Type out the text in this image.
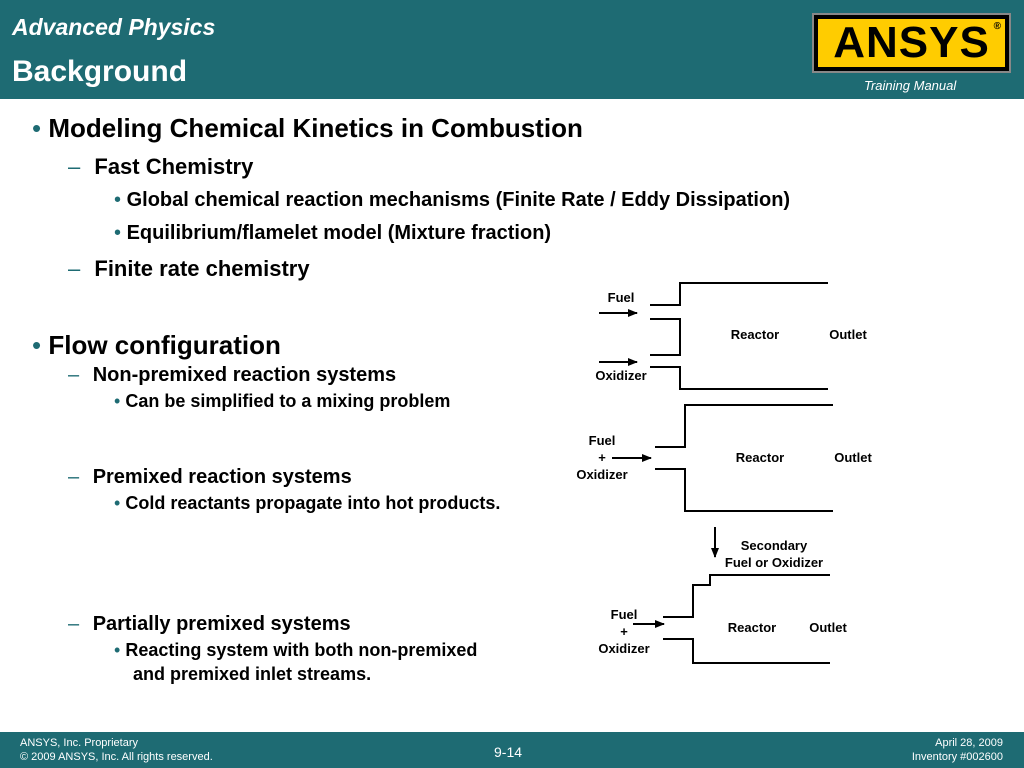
Advanced Physics
Background
ANSYS ®
Training Manual
• Modeling Chemical Kinetics in Combustion
– Fast Chemistry
• Global chemical reaction mechanisms (Finite Rate / Eddy Dissipation)
• Equilibrium/flamelet model (Mixture fraction)
– Finite rate chemistry
• Flow configuration
– Non-premixed reaction systems
• Can be simplified to a mixing problem
– Premixed reaction systems
• Cold reactants propagate into hot products.
– Partially premixed systems
• Reacting system with both non-premixed
and premixed inlet streams.
Fuel
Oxidizer
Reactor	Outlet
Fuel
+
Oxidizer
Reactor	Outlet
Secondary
Fuel or Oxidizer
Fuel
+
Oxidizer
Reactor	Outlet
ANSYS, Inc. Proprietary
© 2009 ANSYS, Inc. All rights reserved.	9-14
April 28, 2009
Inventory #002600
